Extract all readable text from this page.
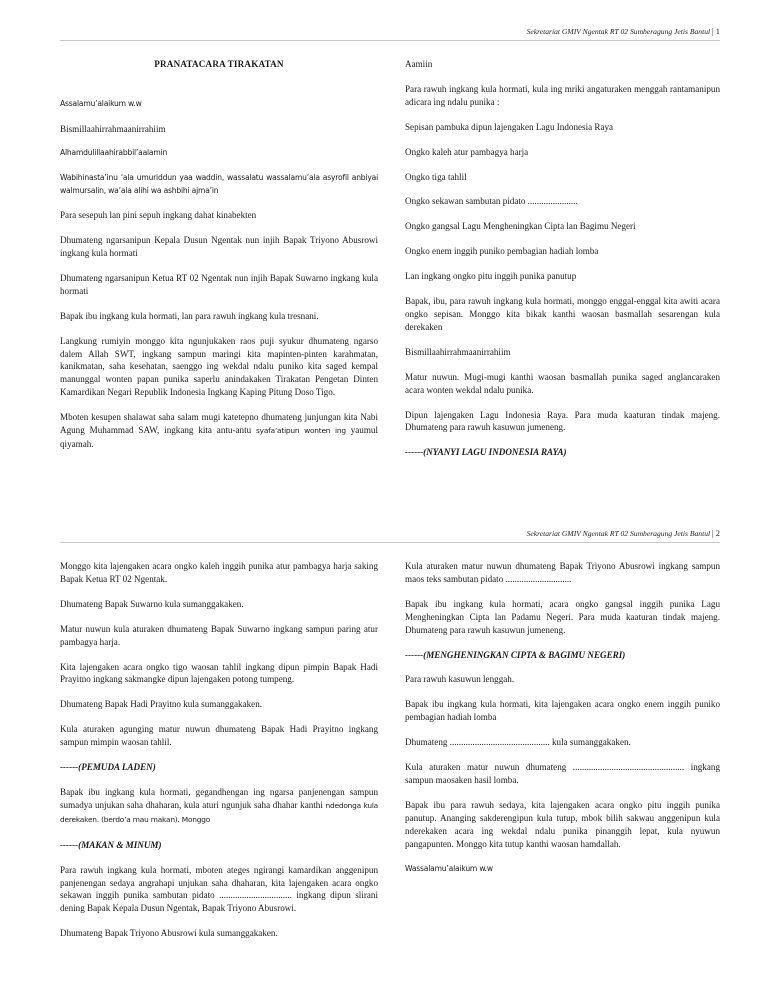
Sekretariat GMIV Ngentak RT 02 Sumberagung Jetis Bantul | 1

PRANATACARA TIRAKATAN

Assalamu’alaikum w.w

Bismillaahirrahmaanirrahiim

Alhamdulillaahirabbil’aalamin

Wabihinasta’inu ‘ala umuriddun yaa waddin, wassalatu wassalamu’ala asyrofil anbiyai walmursalin, wa’ala alihi wa ashbihi ajma’in

Para sesepuh lan pini sepuh ingkang dahat kinabekten

Dhumateng ngarsanipun Kepala Dusun Ngentak nun injih Bapak Triyono Abusrowi ingkang kula hormati

Dhumateng ngarsanipun Ketua RT 02 Ngentak nun injih Bapak Suwarno ingkang kula hormati

Bapak ibu ingkang kula hormati, lan para rawuh ingkang kula tresnani.

Langkung rumiyin monggo kita ngunjukaken raos puji syukur dhumateng ngarso dalem Allah SWT, ingkang sampun maringi kita mapinten-pinten karahmatan, kanikmatan, saha kesehatan, saenggo ing wekdal ndalu puniko kita saged kempal manunggal wonten papan punika saperlu anindakaken Tirakatan Pengetan Dinten Kamardikan Negari Republik Indonesia Ingkang Kaping Pitung Doso Tigo.

Mboten kesupen shalawat saha salam mugi katetepno dhumateng junjungan kita Nabi Agung Muhammad SAW, ingkang kita antu-antu syafa’atipun wonten ing yaumul qiyamah.

Aamiin

Para rawuh ingkang kula hormati, kula ing mriki angaturaken menggah rantamanipun adicara ing ndalu punika :

Sepisan pambuka dipun lajengaken Lagu Indonesia Raya

Ongko kaleh atur pambagya harja

Ongko tiga tahlil

Ongko sekawan sambutan pidato ......................

Ongko gangsal Lagu Mengheningkan Cipta lan Bagimu Negeri

Ongko enem inggih puniko pembagian hadiah lomba

Lan ingkang ongko pitu inggih punika panutup

Bapak, ibu, para rawuh ingkang kula hormati, monggo enggal-enggal kita awiti acara ongko sepisan. Monggo kita bikak kanthi waosan basmallah sesarengan kula derekaken

Bismillaahirrahmaanirrahiim

Matur nuwun. Mugi-mugi kanthi waosan basmallah punika saged anglancaraken acara wonten wekdal ndalu punika.

Dipun lajengaken Lagu Indonesia Raya. Para muda kaaturan tindak majeng. Dhumateng para rawuh kasuwun jumeneng.

------(NYANYI LAGU INDONESIA RAYA)

Sekretariat GMIV Ngentak RT 02 Sumberagung Jetis Bantul | 2

Monggo kita lajengaken acara ongko kaleh inggih punika atur pambagya harja saking Bapak Ketua RT 02 Ngentak.

Dhumateng Bapak Suwarno kula sumanggakaken.

Matur nuwun kula aturaken dhumateng Bapak Suwarno ingkang sampun paring atur pambagya harja.

Kita lajengaken acara ongko tigo waosan tahlil ingkang dipun pimpin Bapak Hadi Prayitno ingkang sakmangke dipun lajengaken potong tumpeng.

Dhumateng Bapak Hadi Prayitno kula sumanggakaken.

Kula aturaken agunging matur nuwun dhumateng Bapak Hadi Prayitno ingkang sampun mimpin waosan tahlil.

------(PEMUDA LADEN)

Bapak ibu ingkang kula hormati, gegandhengan ing ngarsa panjenengan sampun sumadya unjukan saha dhaharan, kula aturi ngunjuk saha dhahar kanthi ndedonga kula derekaken. (berdo’a mau makan). Monggo

------(MAKAN & MINUM)

Para rawuh ingkang kula hormati, mboten ateges ngirangi kamardikan anggenipun panjenengan sedaya angrahapi unjukan saha dhaharan, kita lajengaken acara ongko sekawan inggih punika sambutan pidato ................................ ingkang dipun slirani dening Bapak Kepala Dusun Ngentak, Bapak Triyono Abusrowi.

Dhumateng Bapak Triyono Abusrowi kula sumanggakaken.

Kula aturaken matur nuwun dhumateng Bapak Triyono Abusrowi ingkang sampun maos teks sambutan pidato .............................

Bapak ibu ingkang kula hormati, acara ongko gangsal inggih punika Lagu Mengheningkan Cipta lan Padamu Negeri. Para muda kaaturan tindak majeng. Dhumateng para rawuh kasuwun jumeneng.

------(MENGHENINGKAN CIPTA & BAGIMU NEGERI)

Para rawuh kasuwun lenggah.

Bapak ibu ingkang kula hormati, kita lajengaken acara ongko enem inggih puniko pembagian hadiah lomba

Dhumateng ............................................ kula sumanggakaken.

Kula aturaken matur nuwun dhumateng ................................................. ingkang sampun maosaken hasil lomba.

Bapak ibu para rawuh sedaya, kita lajengaken acara ongko pitu inggih punika panutup. Ananging sakderengipun kula tutup, mbok bilih sakwau anggenipun kula nderekaken acara ing wekdal ndalu punika pinanggih lepat, kula nyuwun pangapunten. Monggo kita tutup kanthi waosan hamdallah.

Wassalamu’alaikum w.w
